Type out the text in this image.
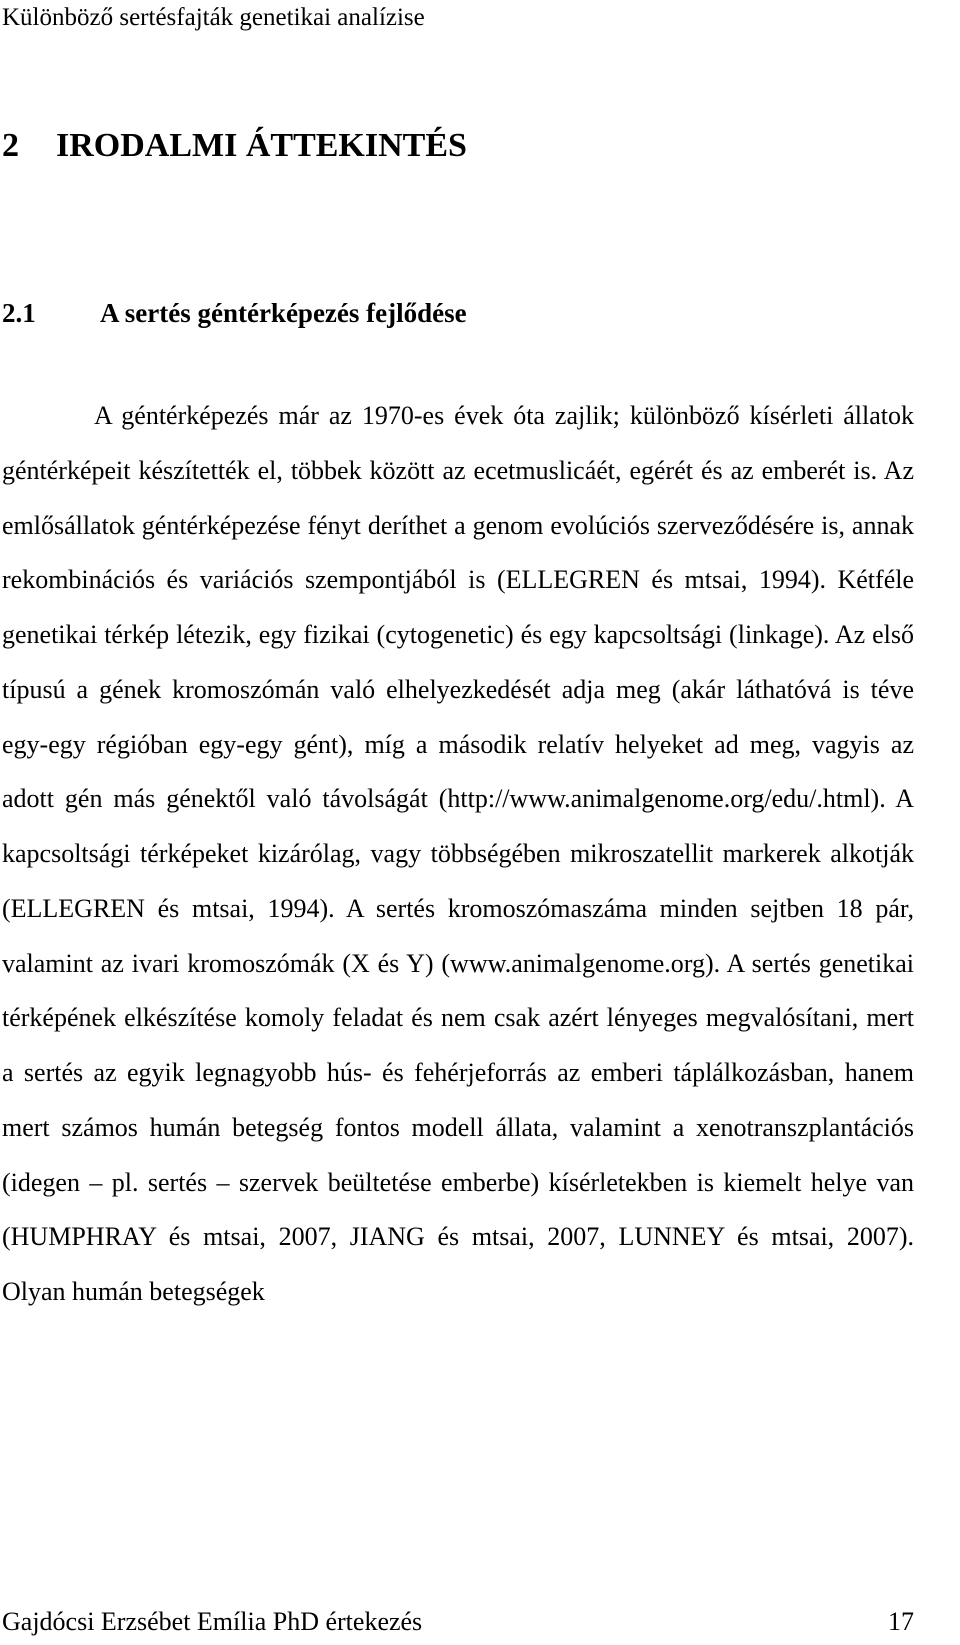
Különböző sertésfajták genetikai analízise
2 IRODALMI ÁTTEKINTÉS
2.1 A sertés géntérképezés fejlődése

A géntérképezés már az 1970-es évek óta zajlik; különböző kísérleti állatok géntérképeit készítették el, többek között az ecetmuslicáét, egérét és az emberét is. Az emlősállatok géntérképezése fényt deríthet a genom evolúciós szerveződésére is, annak rekombinációs és variációs szempontjából is (ELLEGREN és mtsai, 1994). Kétféle genetikai térkép létezik, egy fizikai (cytogenetic) és egy kapcsoltsági (linkage). Az első típusú a gének kromoszómán való elhelyezkedését adja meg (akár láthatóvá is téve egy-egy régióban egy-egy gént), míg a második relatív helyeket ad meg, vagyis az adott gén más génektől való távolságát (http://www.animalgenome.org/edu/.html). A kapcsoltsági térképeket kizárólag, vagy többségében mikroszatellit markerek alkotják (ELLEGREN és mtsai, 1994). A sertés kromoszómaszáma minden sejtben 18 pár, valamint az ivari kromoszómák (X és Y) (www.animalgenome.org). A sertés genetikai térképének elkészítése komoly feladat és nem csak azért lényeges megvalósítani, mert a sertés az egyik legnagyobb hús- és fehérjeforrás az emberi táplálkozásban, hanem mert számos humán betegség fontos modell állata, valamint a xenotranszplantációs (idegen – pl. sertés – szervek beültetése emberbe) kísérletekben is kiemelt helye van (HUMPHRAY és mtsai, 2007, JIANG és mtsai, 2007, LUNNEY és mtsai, 2007). Olyan humán betegségek

Gajdócsi Erzsébet Emília PhD értekezés	17
